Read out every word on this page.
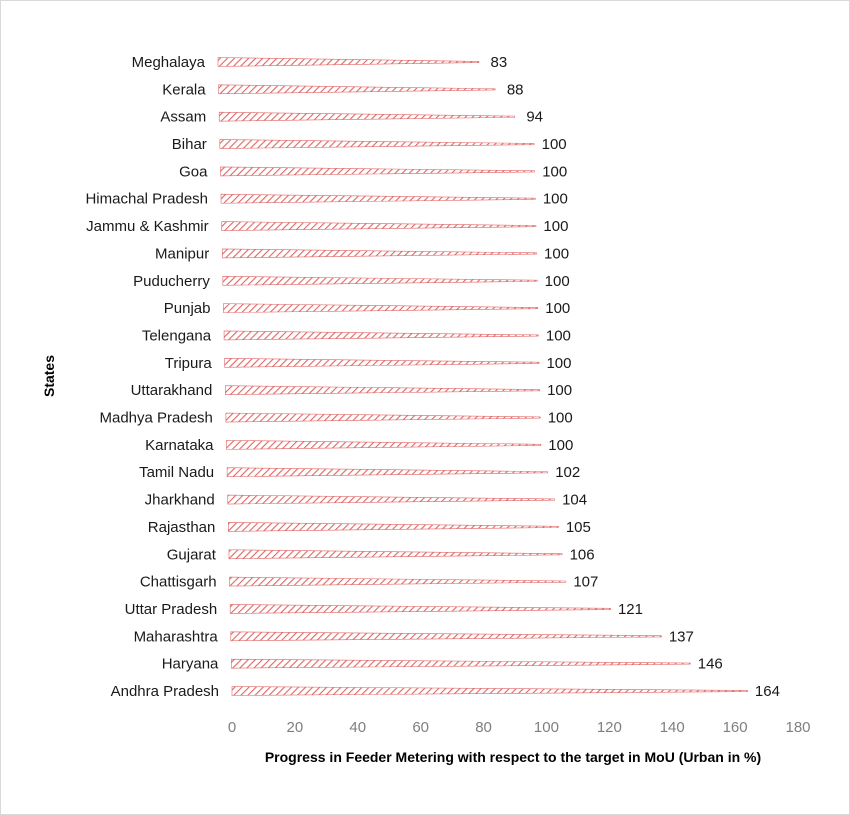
Meghalaya
Kerala
Assam
Bihar
Goa
Himachal Pradesh
Jammu & Kashmir
Manipur
Puducherry
Punjab
Telengana
Tripura
Uttarakhand
Madhya Pradesh
Karnataka
Tamil Nadu
Jharkhand
Rajasthan
Gujarat
Chattisgarh
Uttar Pradesh
Maharashtra
Haryana
Andhra Pradesh
83
88
94
100
100
100
100
100
100
100
100
100
100
100
100
102
104
105
106
107
121
137
146
164
0	20	40	60	80	100	120	140	160	180
Progress in Feeder Metering with respect to the target in MoU (Urban in %)
States
